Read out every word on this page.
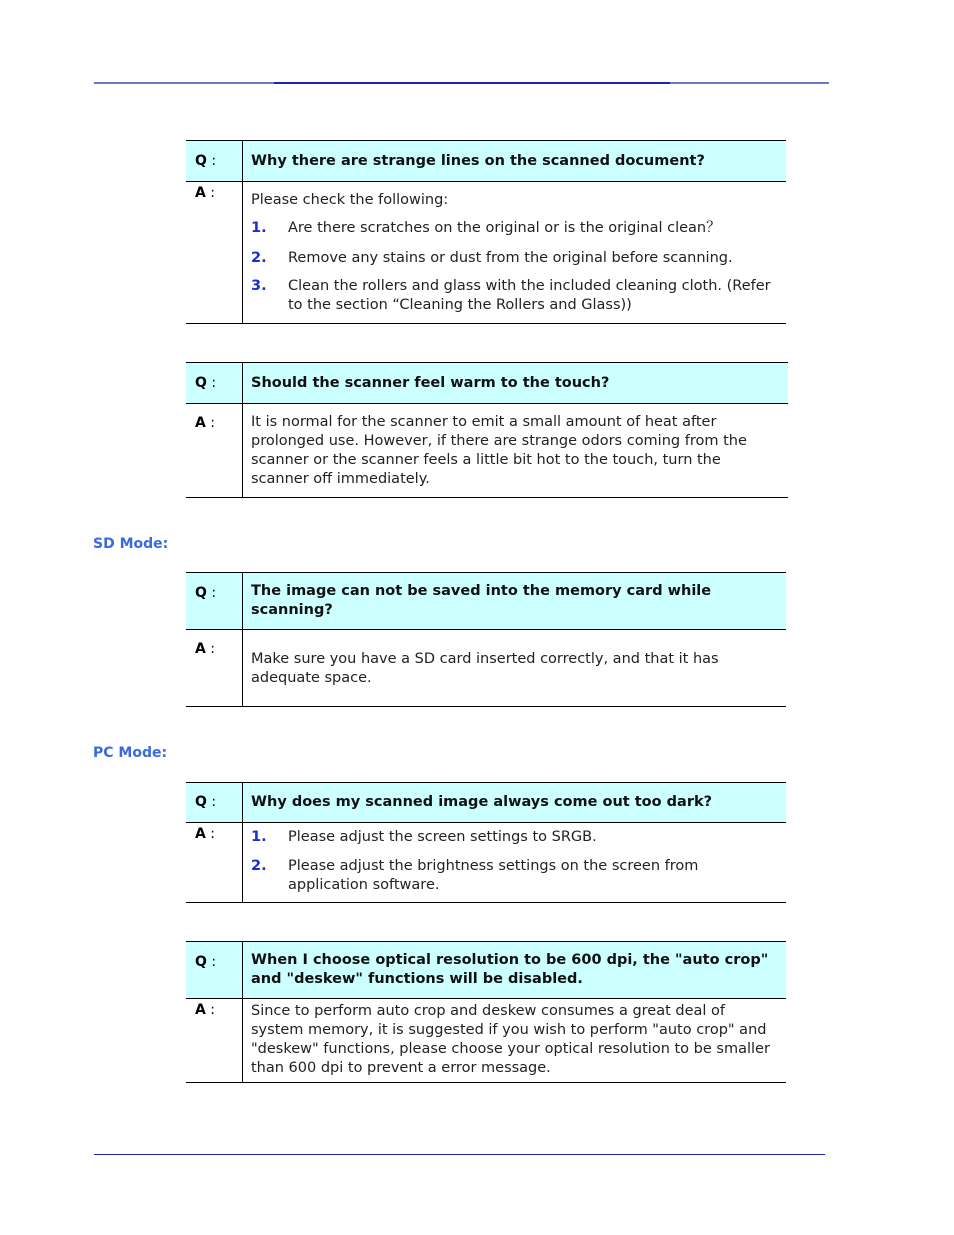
Q :	Why there are strange lines on the scanned document?
A :	Please check the following:
1.	Are there scratches on the original or is the original clean？
2.	Remove any stains or dust from the original before scanning.
3.	Clean the rollers and glass with the included cleaning cloth. (Refer to the section “Cleaning the Rollers and Glass))
Q :	Should the scanner feel warm to the touch?
A :	It is normal for the scanner to emit a small amount of heat after prolonged use. However, if there are strange odors coming from the scanner or the scanner feels a little bit hot to the touch, turn the scanner off immediately.
SD Mode:
Q :	The image can not be saved into the memory card while scanning?
A :
Make sure you have a SD card inserted correctly, and that it has adequate space.
PC Mode:
Q :	Why does my scanned image always come out too dark?
A :	1.	Please adjust the screen settings to SRGB.
2.	Please adjust the brightness settings on the screen from application software.
Q :	When I choose optical resolution to be 600 dpi, the "auto crop" and "deskew" functions will be disabled.
A :	Since to perform auto crop and deskew consumes a great deal of system memory, it is suggested if you wish to perform "auto crop" and "deskew" functions, please choose your optical resolution to be smaller than 600 dpi to prevent a error message.
